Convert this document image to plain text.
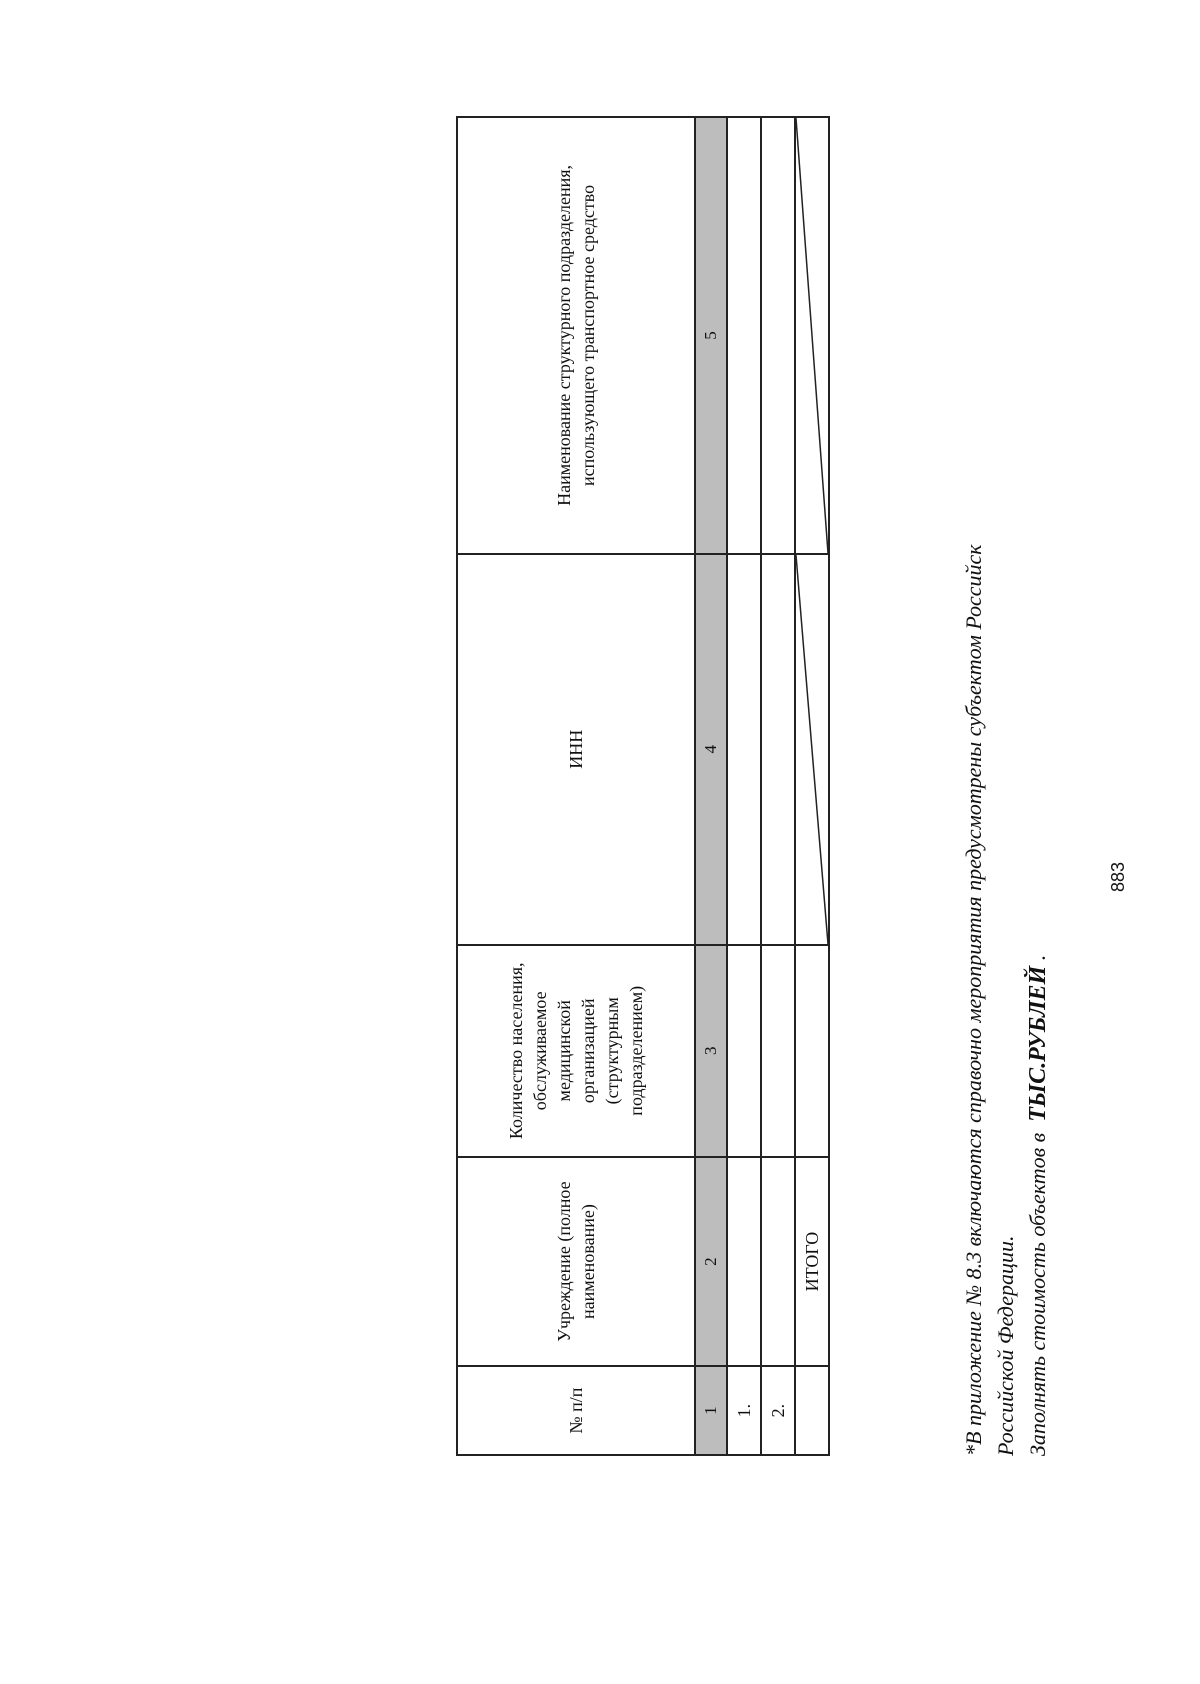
№ п/п	Учреждение (полное наименование)	Количество населения, обслуживаемое медицинской организацией (структурным подразделением)	ИНН	Наименование структурного подразделения, использующего транспортное средство
1	2	3	4	5
1.				
2.				
	ИТОГО		
		*В приложение № 8.3 включаются справочно мероприятия предусмотрены субъектом Российск Российской Федерации. Заполнять стоимость объектов в  ТЫС.РУБЛЕЙ .
883
